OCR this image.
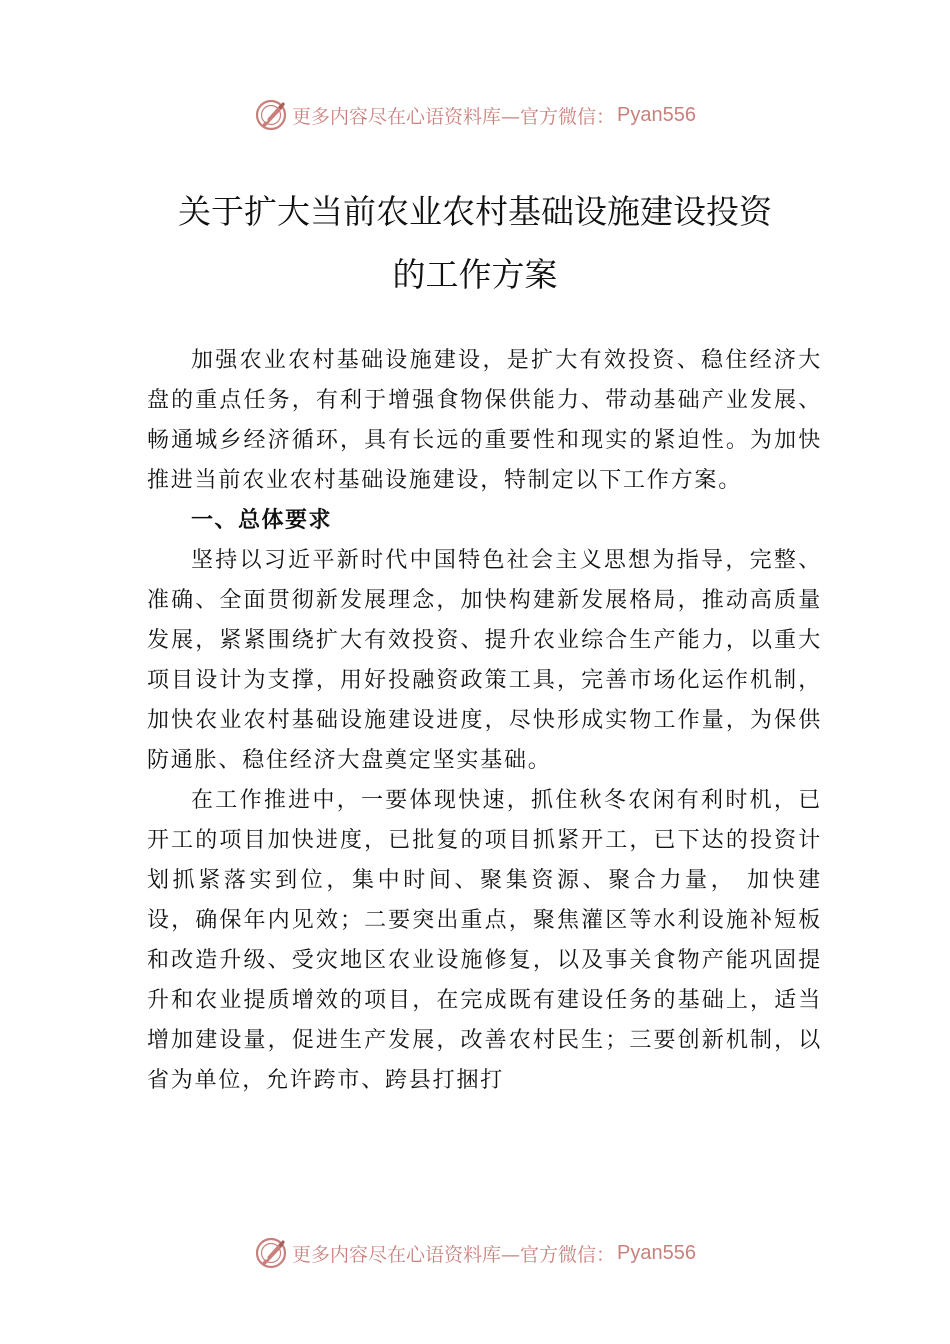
更多内容尽在心语资料库—官方微信： Pyan556
关于扩大当前农业农村基础设施建设投资
的工作方案

加强农业农村基础设施建设，是扩大有效投资、稳住经济大盘的重点任务，有利于增强食物保供能力、带动基础产业发展、畅通城乡经济循环，具有长远的重要性和现实的紧迫性。为加快推进当前农业农村基础设施建设，特制定以下工作方案。

一、总体要求

坚持以习近平新时代中国特色社会主义思想为指导，完整、准确、全面贯彻新发展理念，加快构建新发展格局，推动高质量发展，紧紧围绕扩大有效投资、提升农业综合生产能力，以重大项目设计为支撑，用好投融资政策工具，完善市场化运作机制，加快农业农村基础设施建设进度，尽快形成实物工作量，为保供防通胀、稳住经济大盘奠定坚实基础。

在工作推进中，一要体现快速，抓住秋冬农闲有利时机，已开工的项目加快进度，已批复的项目抓紧开工，已下达的投资计划抓紧落实到位，集中时间、聚集资源、聚合力量， 加快建设，确保年内见效；二要突出重点，聚焦灌区等水利设施补短板和改造升级、受灾地区农业设施修复，以及事关食物产能巩固提升和农业提质增效的项目，在完成既有建设任务的基础上，适当增加建设量，促进生产发展，改善农村民生；三要创新机制，以省为单位，允许跨市、跨县打捆打

更多内容尽在心语资料库—官方微信： Pyan556
